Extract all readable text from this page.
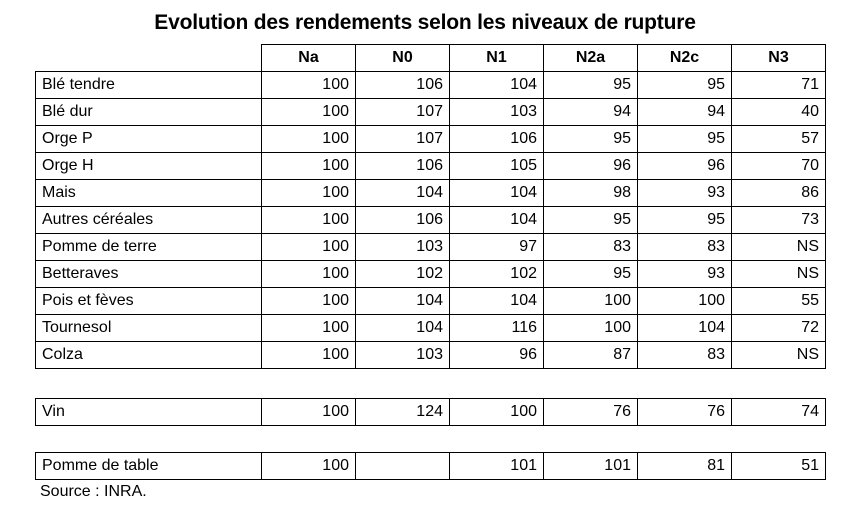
Evolution des rendements selon les niveaux de rupture
	Na	N0	N1	N2a	N2c	N3
Blé tendre	100	106	104	95	95	71
Blé dur	100	107	103	94	94	40
Orge P	100	107	106	95	95	57
Orge H	100	106	105	96	96	70
Mais	100	104	104	98	93	86
Autres céréales	100	106	104	95	95	73
Pomme de terre	100	103	97	83	83	NS
Betteraves	100	102	102	95	93	NS
Pois et fèves	100	104	104	100	100	55
Tournesol	100	104	116	100	104	72
Colza	100	103	96	87	83	NS
Vin	100	124	100	76	76	74
Pomme de table	100		101	101	81	51
Source : INRA.
